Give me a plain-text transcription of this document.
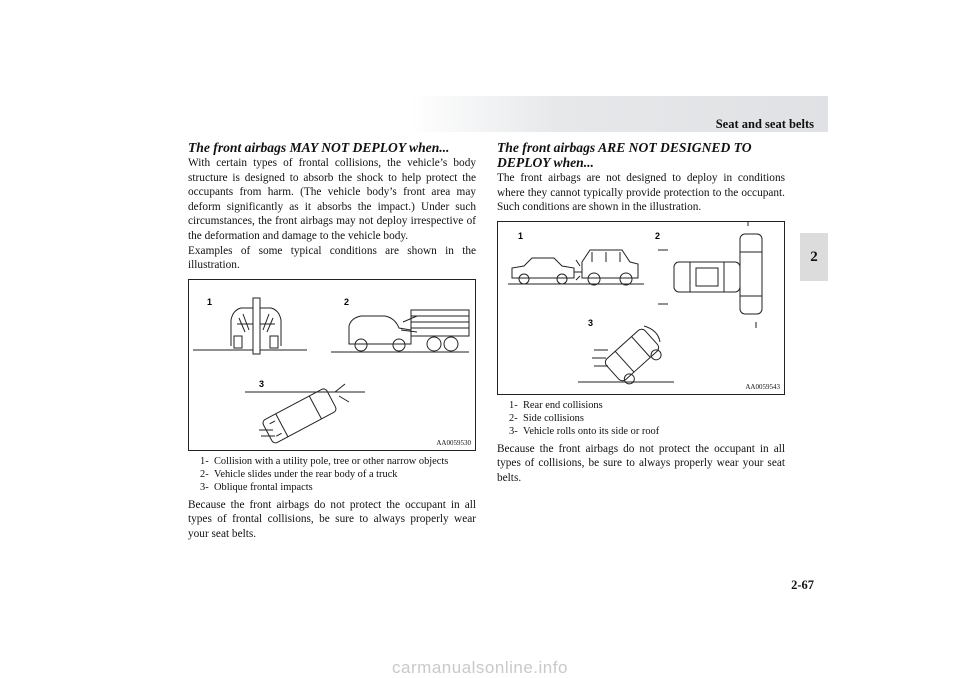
Seat and seat belts
2

The front airbags MAY NOT DEPLOY when...

With certain types of frontal collisions, the vehicle’s body structure is designed to absorb the shock to help protect the occupants from harm. (The vehicle body’s front area may deform significantly as it absorbs the impact.) Under such circumstances, the front airbags may not deploy irrespective of the deformation and damage to the vehicle body.

Examples of some typical conditions are shown in the illustration.

1	2
3
AA0059530
1- Collision with a utility pole, tree or other narrow objects
2- Vehicle slides under the rear body of a truck
3- Oblique frontal impacts

Because the front airbags do not protect the occupant in all types of frontal collisions, be sure to always properly wear your seat belts.

The front airbags ARE NOT DESIGNED TO DEPLOY when...

The front airbags are not designed to deploy in conditions where they cannot typically provide protection to the occupant. Such conditions are shown in the illustration.

1	2
3
AA0059543
1- Rear end collisions
2- Side collisions
3- Vehicle rolls onto its side or roof

Because the front airbags do not protect the occupant in all types of collisions, be sure to always properly wear your seat belts.

2-67
carmanualsonline.info
